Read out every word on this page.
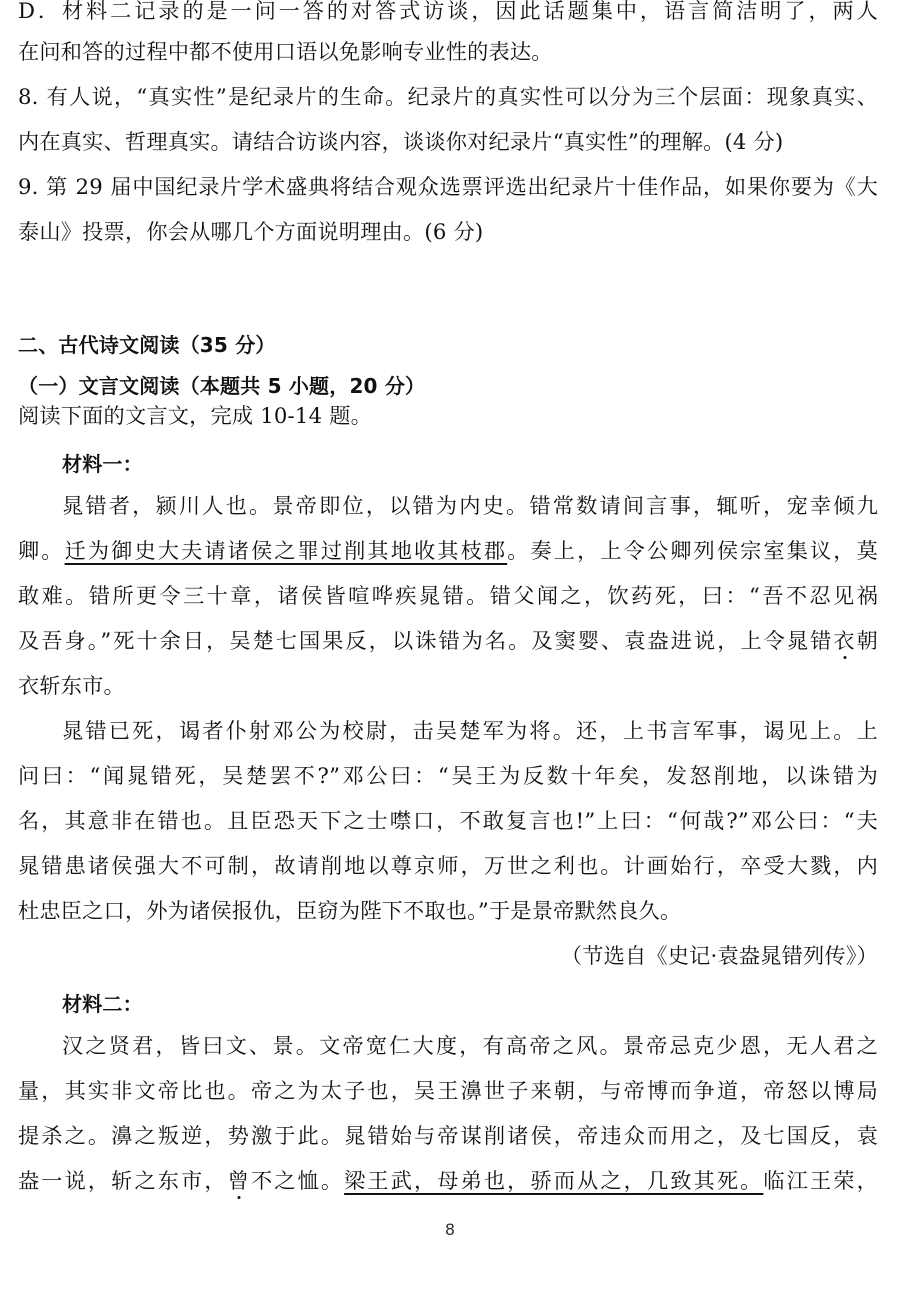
D．材料二记录的是一问一答的对答式访谈，因此话题集中，语言简洁明了，两人
在问和答的过程中都不使用口语以免影响专业性的表达。
8. 有人说，“真实性”是纪录片的生命。纪录片的真实性可以分为三个层面：现象真实、
内在真实、哲理真实。请结合访谈内容，谈谈你对纪录片“真实性”的理解。(4 分)
9. 第 29 届中国纪录片学术盛典将结合观众选票评选出纪录片十佳作品，如果你要为《大
泰山》投票，你会从哪几个方面说明理由。(6 分)
二、古代诗文阅读（35 分）
（一）文言文阅读（本题共 5 小题，20 分）
阅读下面的文言文，完成 10-14 题。
材料一：
晁错者，颍川人也。景帝即位，以错为内史。错常数请间言事，辄听，宠幸倾九
卿。迁为御史大夫请诸侯之罪过削其地收其枝郡。奏上，上令公卿列侯宗室集议，莫
敢难。错所更令三十章，诸侯皆喧哗疾晁错。错父闻之，饮药死，曰：“吾不忍见祸
及吾身。”死十余日，吴楚七国果反，以诛错为名。及窦婴、袁盎进说，上令晁错衣朝
衣斩东市。
晁错已死，谒者仆射邓公为校尉，击吴楚军为将。还，上书言军事，谒见上。上
问曰：“闻晁错死，吴楚罢不?”邓公曰：“吴王为反数十年矣，发怒削地，以诛错为
名，其意非在错也。且臣恐天下之士噤口，不敢复言也!”上曰：“何哉?”邓公曰：“夫
晁错患诸侯强大不可制，故请削地以尊京师，万世之利也。计画始行，卒受大戮，内
杜忠臣之口，外为诸侯报仇，臣窃为陛下不取也。”于是景帝默然良久。
（节选自《史记·袁盎晁错列传》）
材料二：
汉之贤君，皆曰文、景。文帝宽仁大度，有高帝之风。景帝忌克少恩，无人君之
量，其实非文帝比也。帝之为太子也，吴王濞世子来朝，与帝博而争道，帝怒以博局
提杀之。濞之叛逆，势激于此。晁错始与帝谋削诸侯，帝违众而用之，及七国反，袁
盎一说，斩之东市，曾不之恤。梁王武，母弟也，骄而从之，几致其死。临江王荣，
8
